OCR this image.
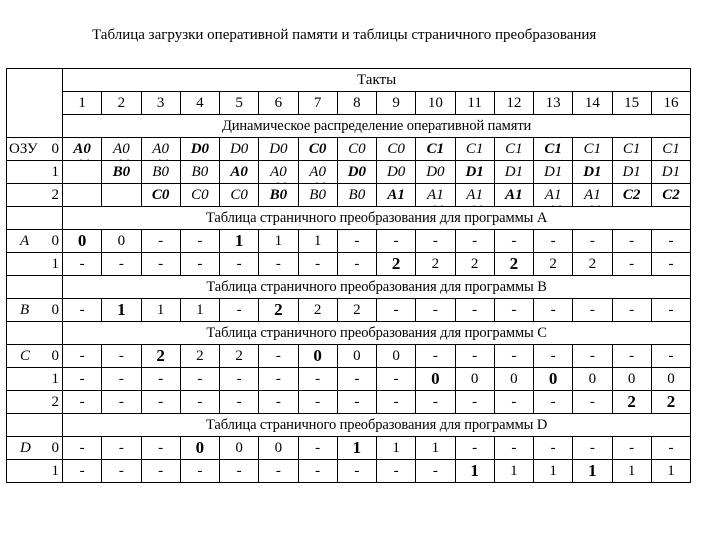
Таблица загрузки оперативной памяти и таблицы страничного преобразования
	Такты															
	1	2	3	4	5	6	7	8	9	10	11	12	13	14	15	16
	Динамическое распределение оперативной памяти															

ОЗУ 0	A0	A0	A0	D0	D0	D0	C0	C0	C0	C1	C1	C1	C1	C1	C1	C1

1		B0	B0	B0	A0	A0	A0	D0	D0	D0	D1	D1	D1	D1	D1	D1

2			C0	C0	C0	B0	B0	B0	A1	A1	A1	A1	A1	A1	C2	C2
	Таблица страничного преобразования для программы А															

A 0	0	0	-	-	1	1	1	-	-	-	-	-	-	-	-	-

1	-	-	-	-	-	-	-	-	2	2	2	2	2	2	-	-
	Таблица страничного преобразования для программы В															

B 0	-	1	1	1	-	2	2	2	-	-	-	-	-	-	-	-
	Таблица страничного преобразования для программы С															

C 0	-	-	2	2	2	-	0	0	0	-	-	-	-	-	-	-

1	-	-	-	-	-	-	-	-	-	0	0	0	0	0	0	0

2	-	-	-	-	-	-	-	-	-	-	-	-	-	-	2	2
	Таблица страничного преобразования для программы D															

D 0	-	-	-	0	0	0	-	1	1	1	-	-	-	-	-	-

1	-	-	-	-	-	-	-	-	-	-	1	1	1	1	1	1
